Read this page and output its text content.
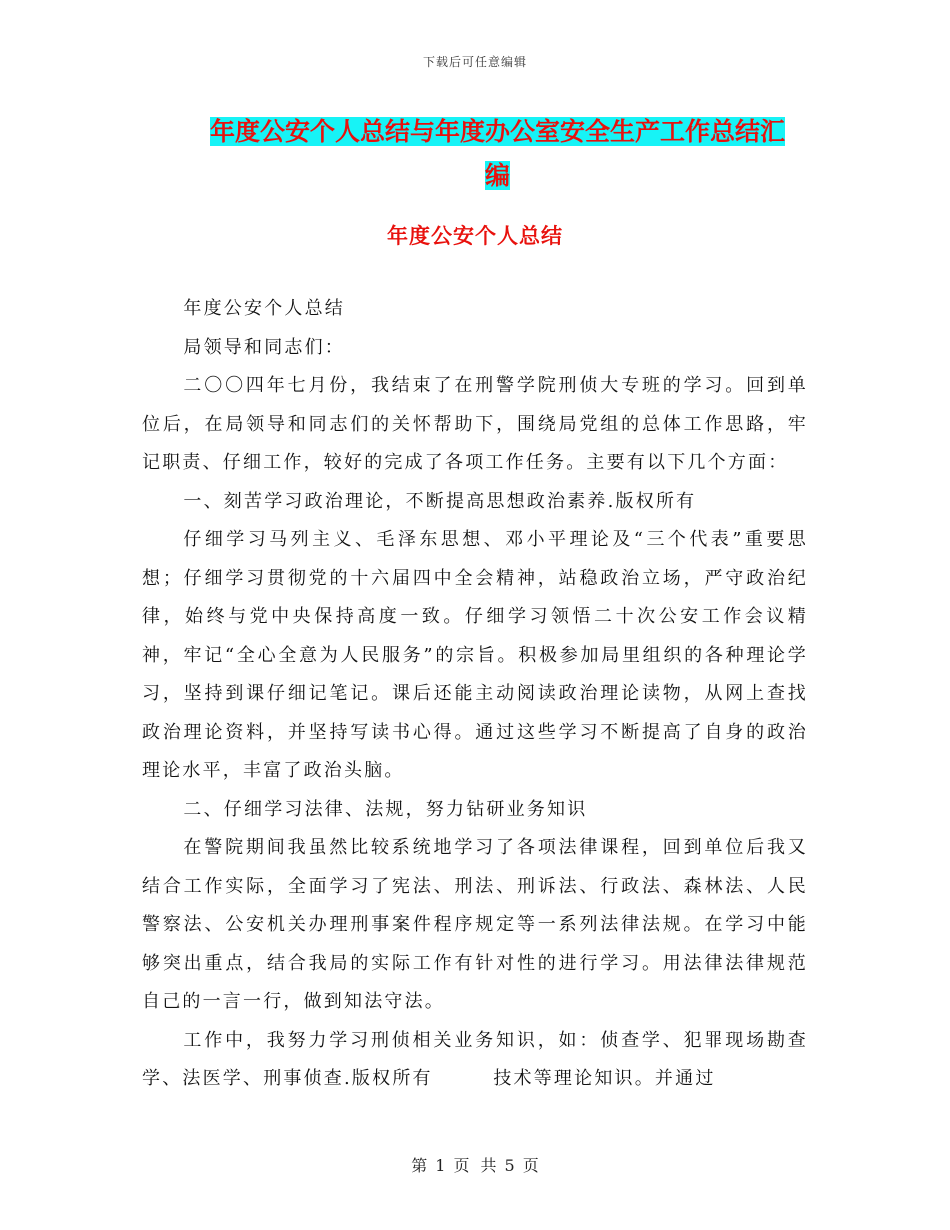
下载后可任意编辑
年度公安个人总结与年度办公室安全生产工作总结汇
编
年度公安个人总结

年度公安个人总结

局领导和同志们：

二〇〇四年七月份，我结束了在刑警学院刑侦大专班的学习。回到单位后，在局领导和同志们的关怀帮助下，围绕局党组的总体工作思路，牢记职责、仔细工作，较好的完成了各项工作任务。主要有以下几个方面：

一、刻苦学习政治理论，不断提高思想政治素养.版权所有

仔细学习马列主义、毛泽东思想、邓小平理论及“三个代表”重要思想；仔细学习贯彻党的十六届四中全会精神，站稳政治立场，严守政治纪律，始终与党中央保持高度一致。仔细学习领悟二十次公安工作会议精神，牢记“全心全意为人民服务”的宗旨。积极参加局里组织的各种理论学习，坚持到课仔细记笔记。课后还能主动阅读政治理论读物，从网上查找政治理论资料，并坚持写读书心得。通过这些学习不断提高了自身的政治理论水平，丰富了政治头脑。

二、仔细学习法律、法规，努力钻研业务知识

在警院期间我虽然比较系统地学习了各项法律课程，回到单位后我又结合工作实际，全面学习了宪法、刑法、刑诉法、行政法、森林法、人民警察法、公安机关办理刑事案件程序规定等一系列法律法规。在学习中能够突出重点，结合我局的实际工作有针对性的进行学习。用法律法律规范自己的一言一行，做到知法守法。

工作中，我努力学习刑侦相关业务知识，如：侦查学、犯罪现场勘查学、法医学、刑事侦查.版权所有　　　技术等理论知识。并通过

第 1 页 共 5 页
